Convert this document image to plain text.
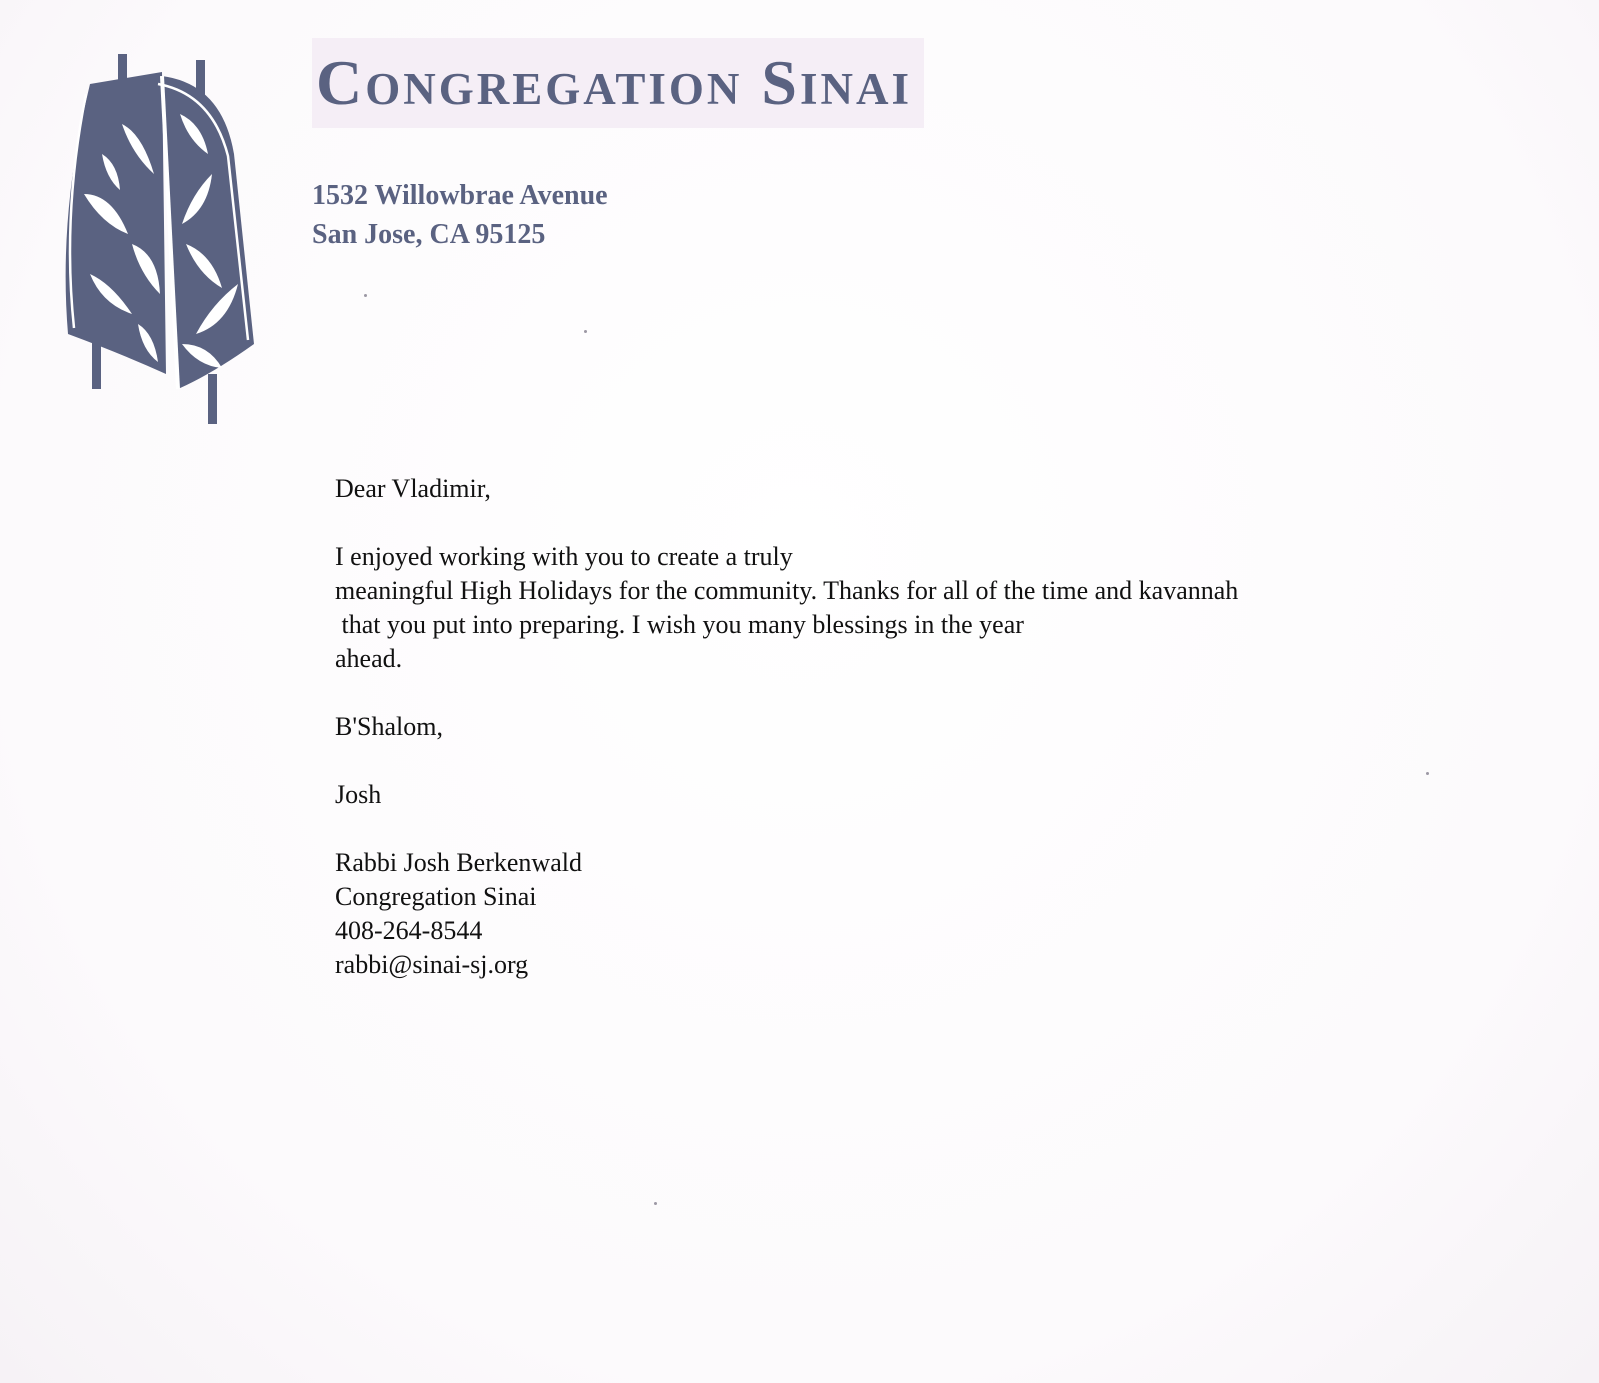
Congregation Sinai
1532 Willowbrae Avenue
San Jose, CA 95125
Dear Vladimir,
I enjoyed working with you to create a truly
meaningful High Holidays for the community. Thanks for all of the time and kavannah
that you put into preparing. I wish you many blessings in the year
ahead.
B'Shalom,
Josh
Rabbi Josh Berkenwald
Congregation Sinai
408-264-8544
rabbi@sinai-sj.org
